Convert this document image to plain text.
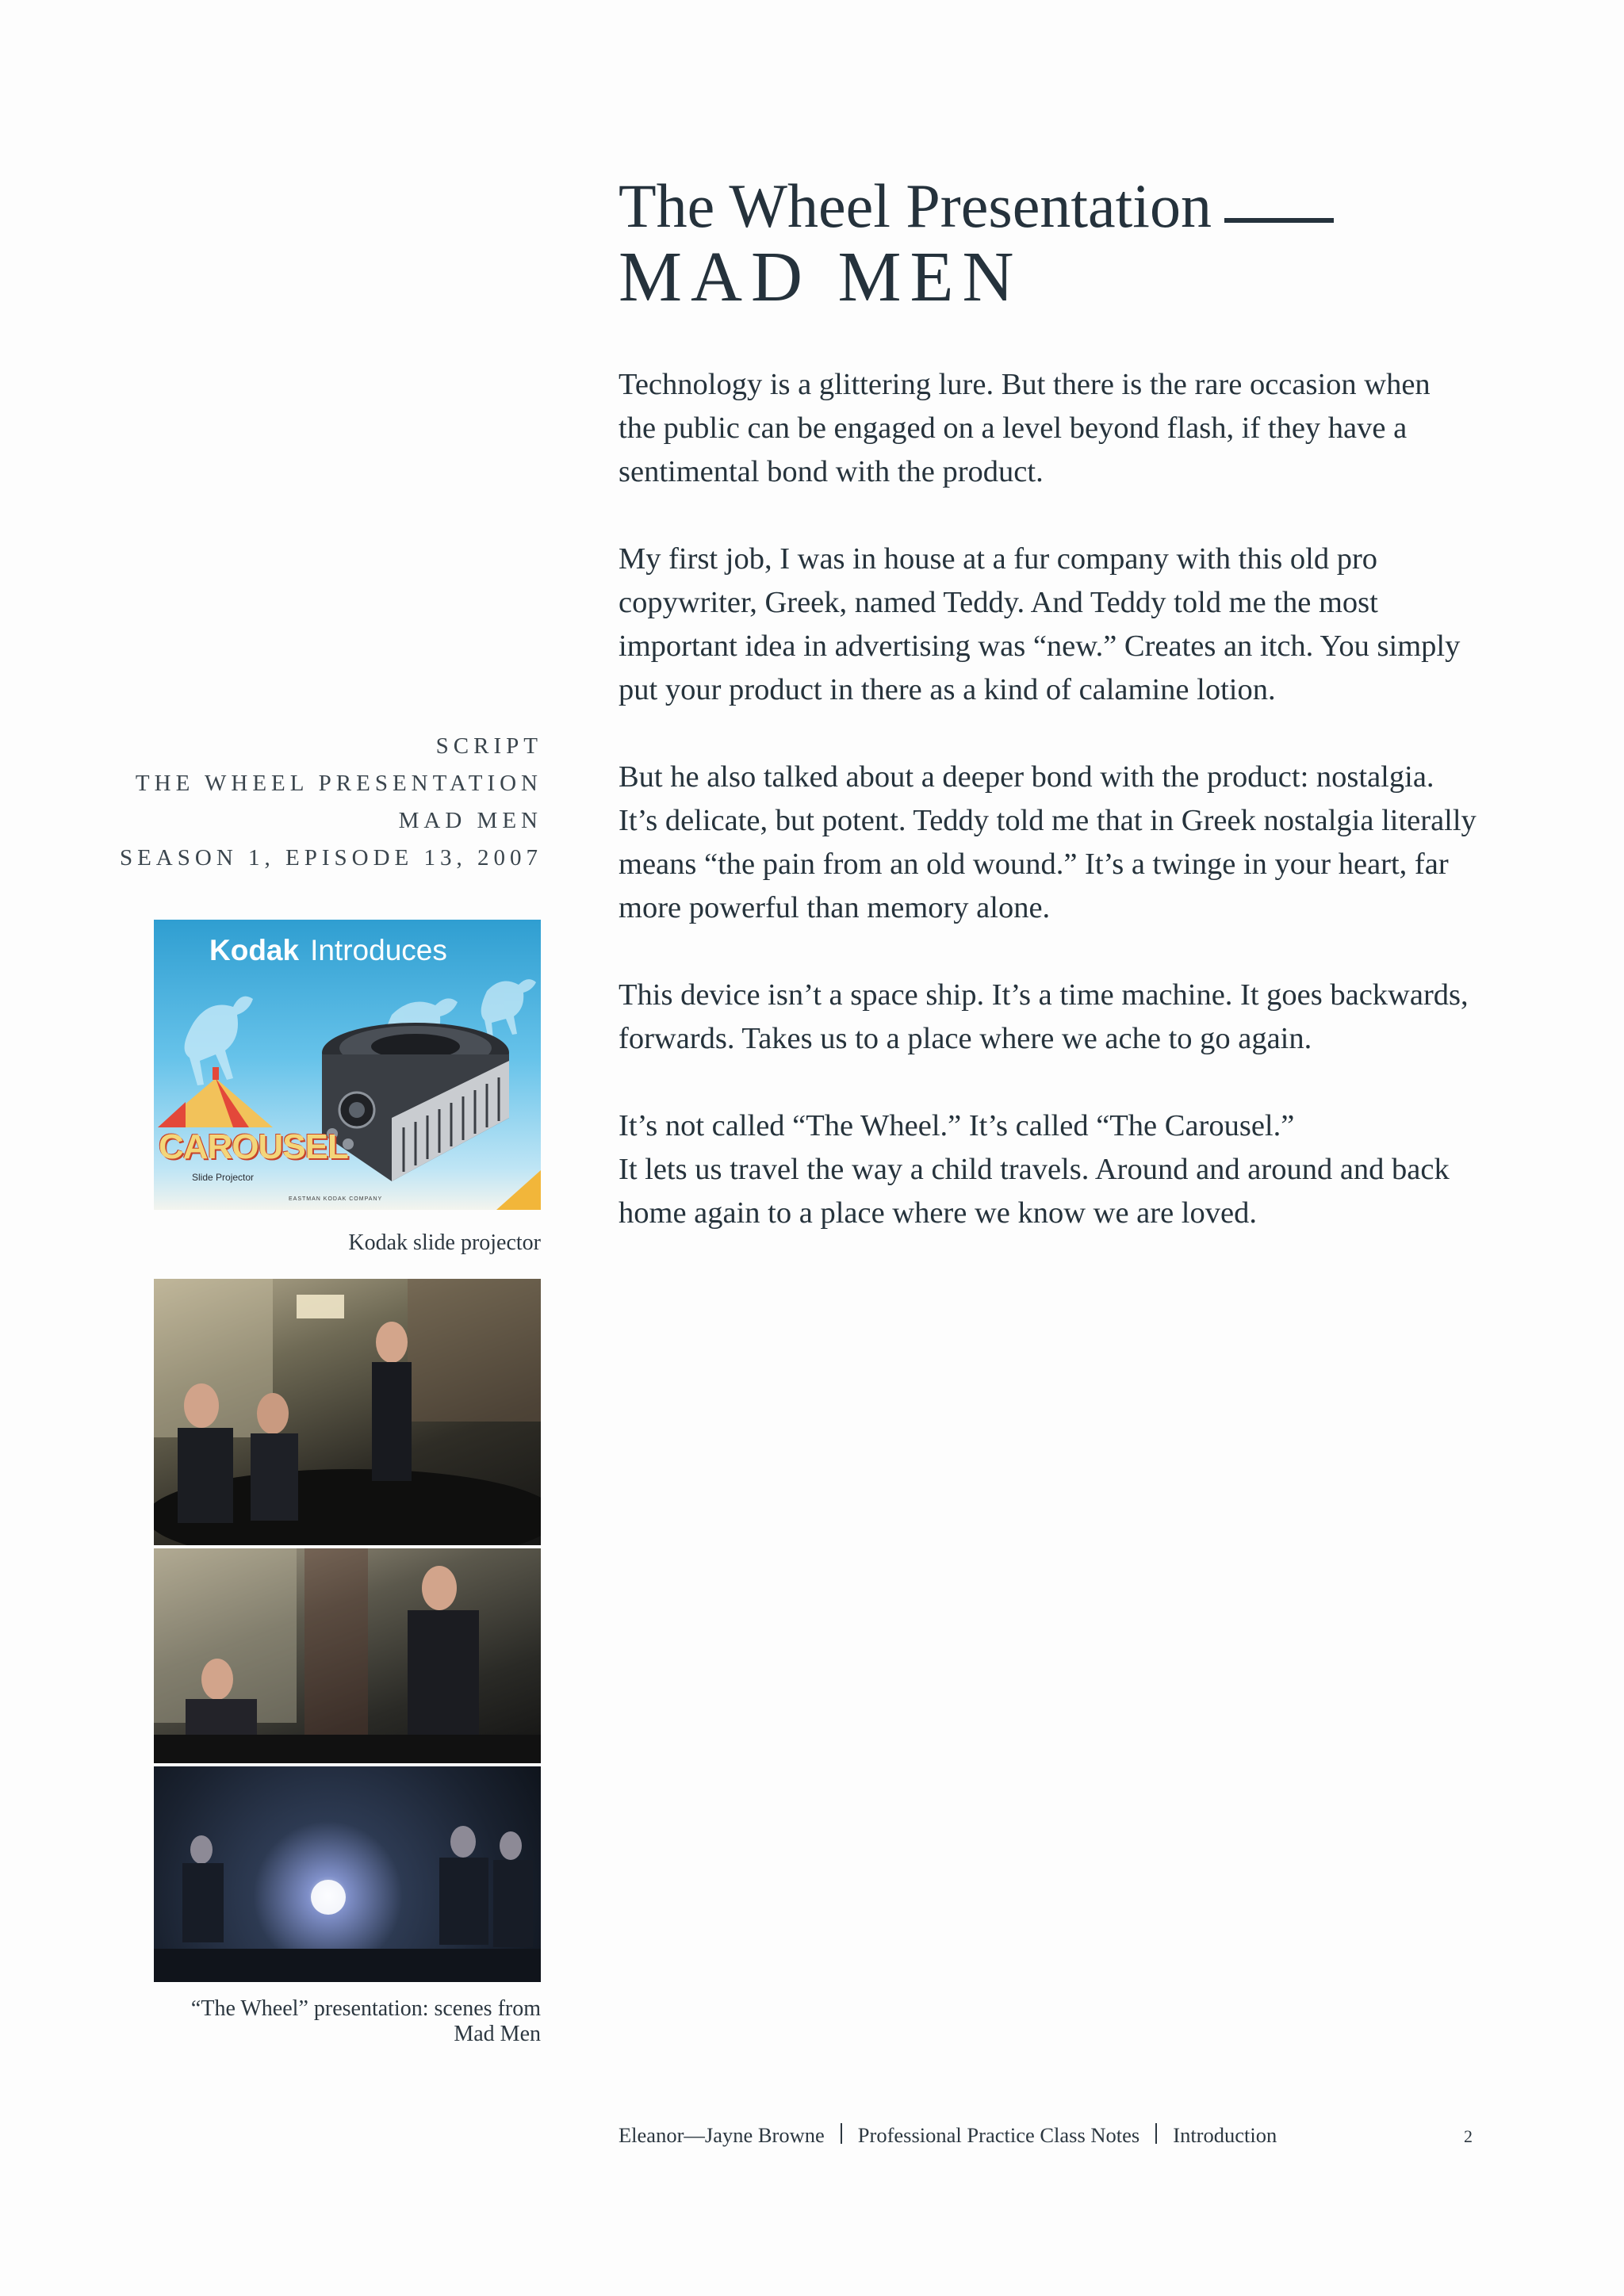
The Wheel Presentation
MAD MEN

Technology is a glittering lure. But there is the rare occasion when
the public can be engaged on a level beyond flash, if they have a
sentimental bond with the product.

My first job, I was in house at a fur company with this old pro
copywriter, Greek, named Teddy. And Teddy told me the most
important idea in advertising was “new.” Creates an itch. You simply
put your product in there as a kind of calamine lotion.

But he also talked about a deeper bond with the product: nostalgia.
It’s delicate, but potent. Teddy told me that in Greek nostalgia literally
means “the pain from an old wound.” It’s a twinge in your heart, far
more powerful than memory alone.

This device isn’t a space ship. It’s a time machine. It goes backwards,
forwards. Takes us to a place where we ache to go again.

It’s not called “The Wheel.” It’s called “The Carousel.”
It lets us travel the way a child travels. Around and around and back
home again to a place where we know we are loved.

SCRIPT
THE WHEEL PRESENTATION
MAD MEN
SEASON 1, EPISODE 13, 2007
Kodak Introduces
CAROUSEL
Slide Projector
EASTMAN KODAK COMPANY
Kodak slide projector
“The Wheel” presentation: scenes from
Mad Men
Eleanor—Jayne Browne Professional Practice Class Notes Introduction	2
